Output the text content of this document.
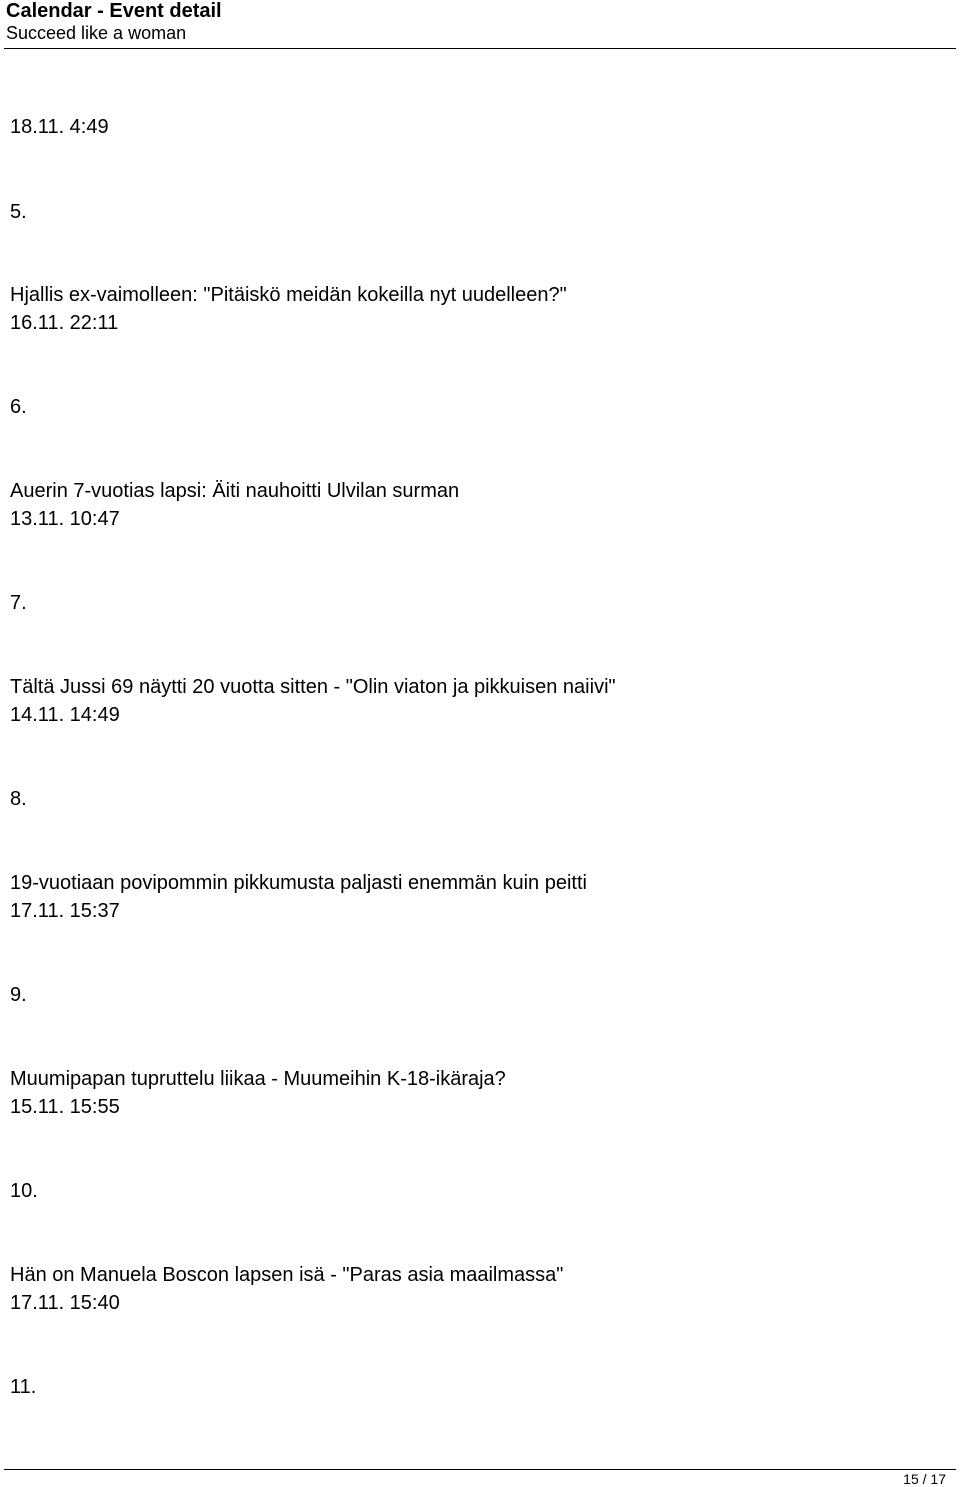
Calendar - Event detail
Succeed like a woman
18.11. 4:49
5.
Hjallis ex-vaimolleen: "Pitäiskö meidän kokeilla nyt uudelleen?"
16.11. 22:11
6.
Auerin 7-vuotias lapsi: Äiti nauhoitti Ulvilan surman
13.11. 10:47
7.
Tältä Jussi 69 näytti 20 vuotta sitten - "Olin viaton ja pikkuisen naiivi"
14.11. 14:49
8.
19-vuotiaan povipommin pikkumusta paljasti enemmän kuin peitti
17.11. 15:37
9.
Muumipapan tupruttelu liikaa - Muumeihin K-18-ikäraja?
15.11. 15:55
10.
Hän on Manuela Boscon lapsen isä - "Paras asia maailmassa"
17.11. 15:40
11.
15 / 17
